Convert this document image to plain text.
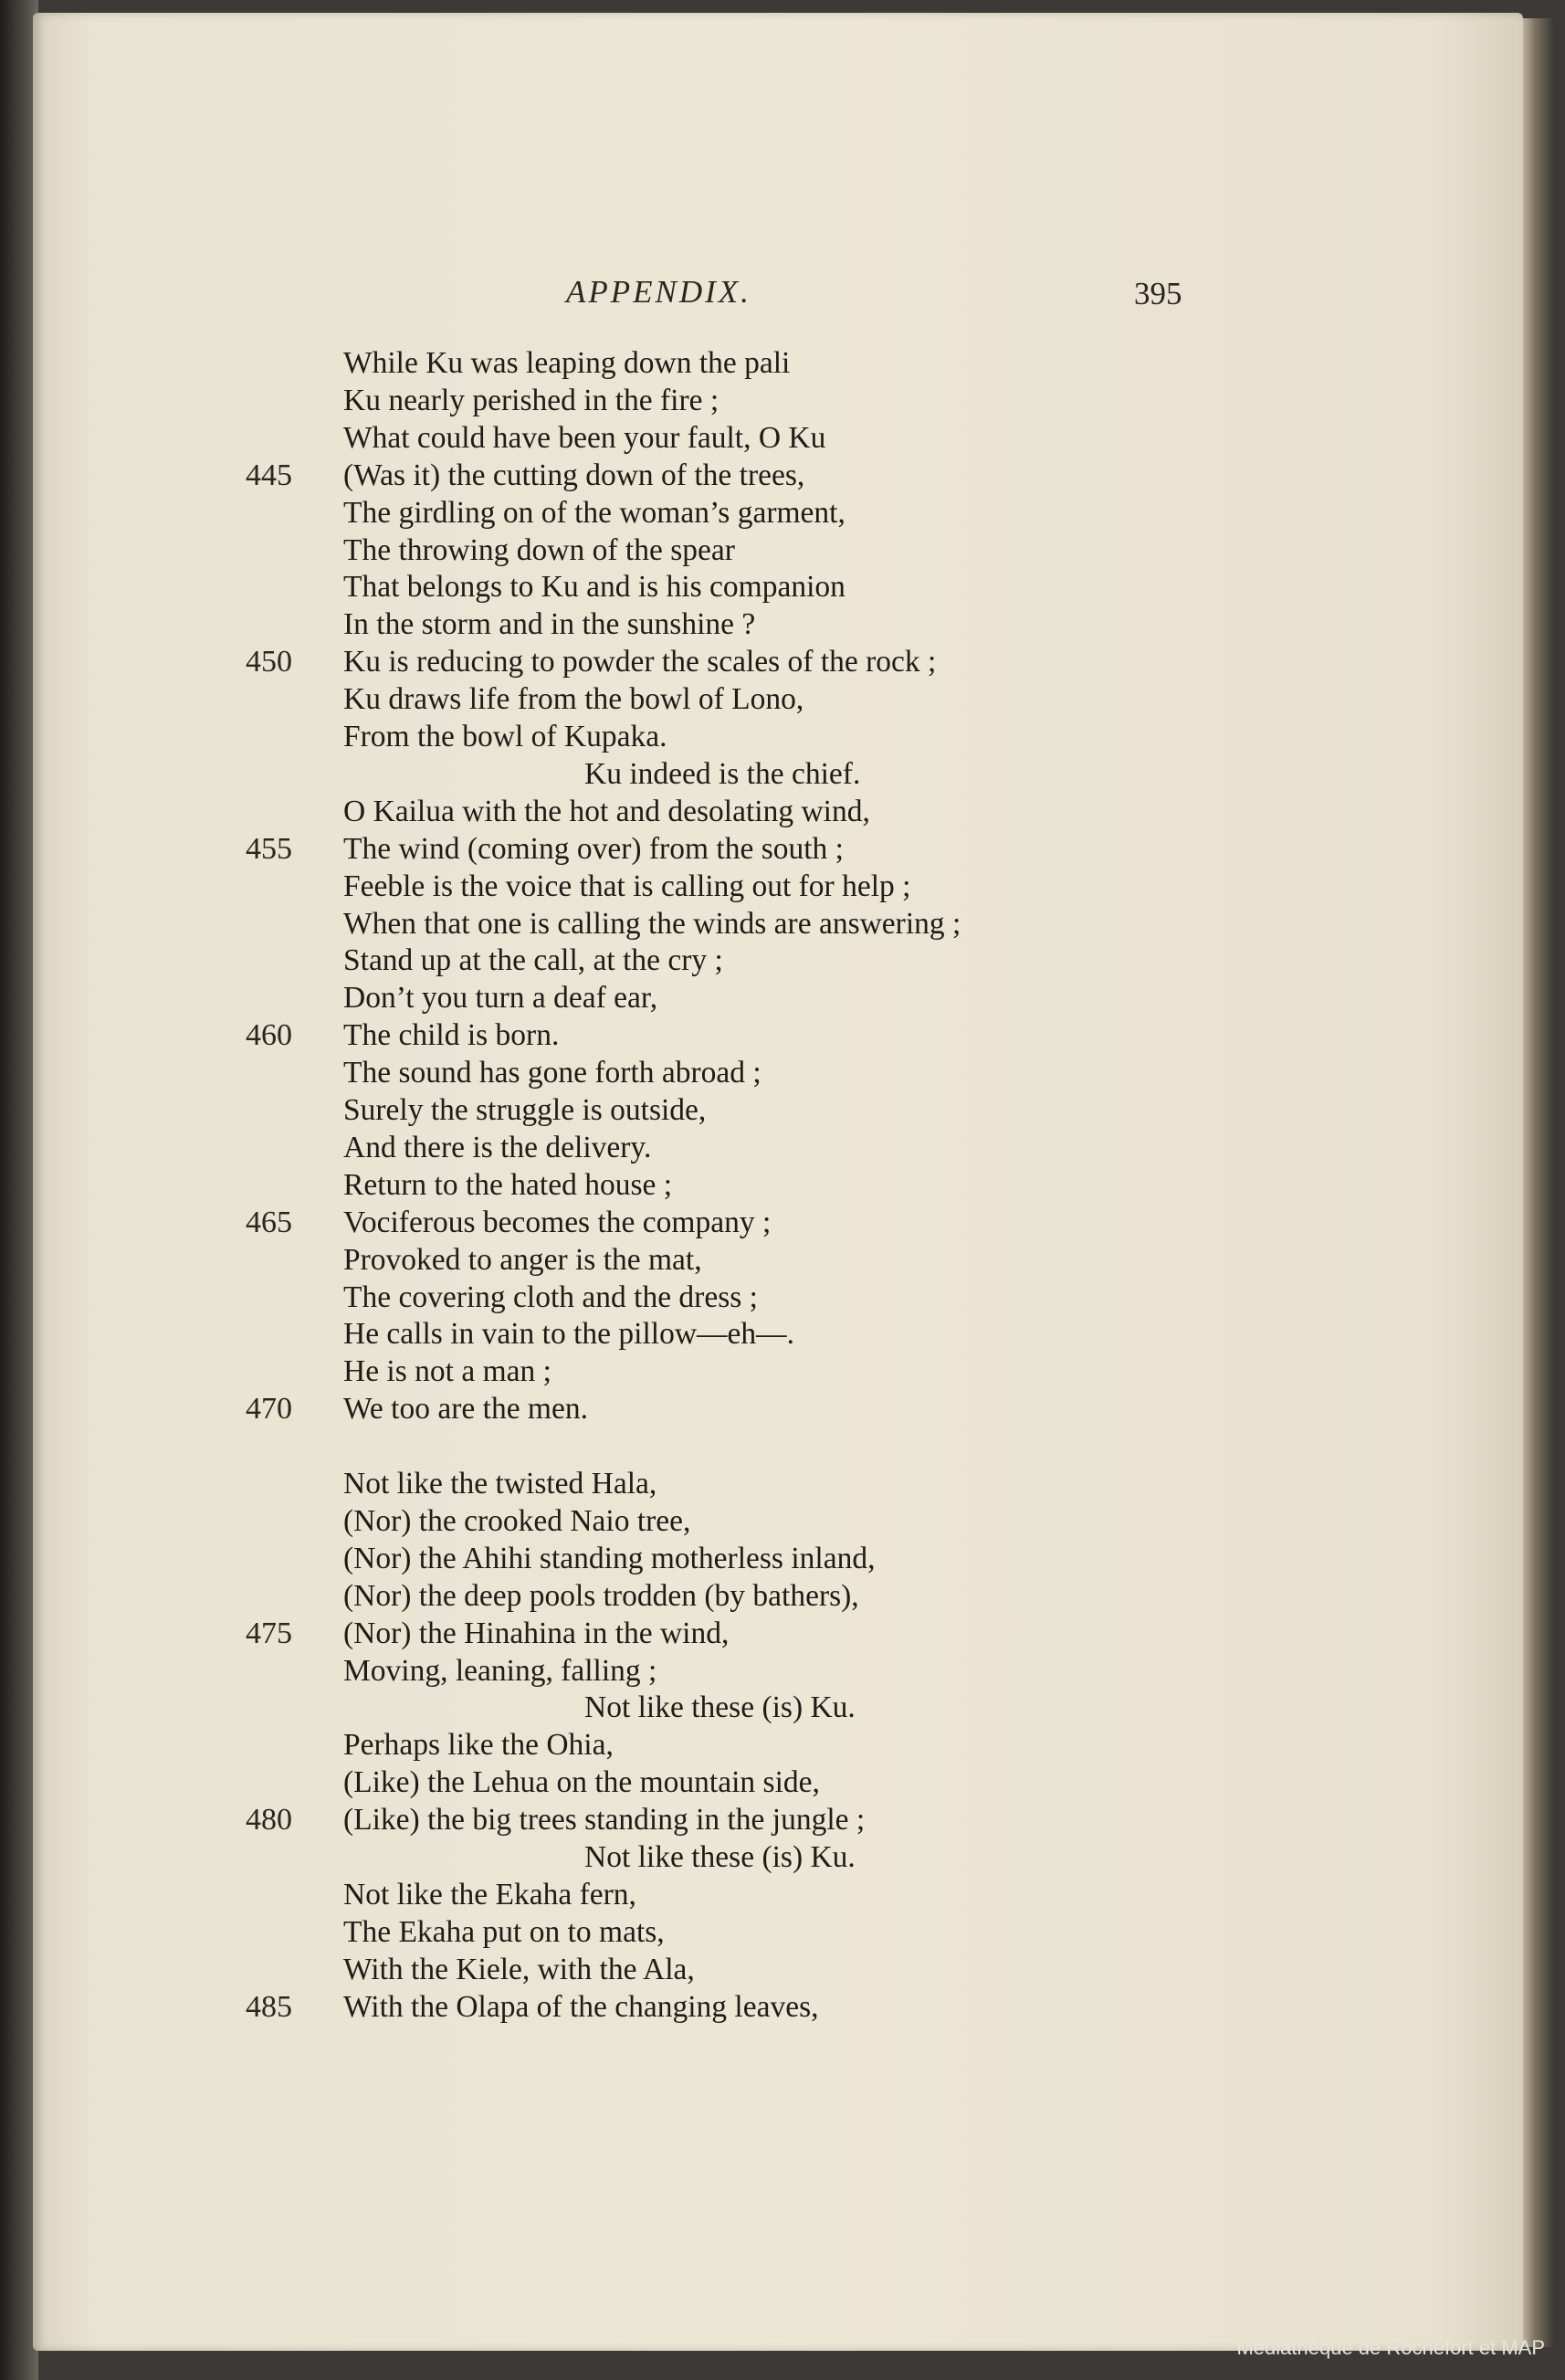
APPENDIX.	395
While Ku was leaping down the pali
Ku nearly perished in the fire ;
What could have been your fault, O Ku
445 (Was it) the cutting down of the trees,
The girdling on of the woman’s garment,
The throwing down of the spear
That belongs to Ku and is his companion
In the storm and in the sunshine ?
450 Ku is reducing to powder the scales of the rock ;
Ku draws life from the bowl of Lono,
From the bowl of Kupaka.
Ku indeed is the chief.
O Kailua with the hot and desolating wind,
455 The wind (coming over) from the south ;
Feeble is the voice that is calling out for help ;
When that one is calling the winds are answering ;
Stand up at the call, at the cry ;
Don’t you turn a deaf ear,
460 The child is born.
The sound has gone forth abroad ;
Surely the struggle is outside,
And there is the delivery.
Return to the hated house ;
465 Vociferous becomes the company ;
Provoked to anger is the mat,
The covering cloth and the dress ;
He calls in vain to the pillow—eh—.
He is not a man ;
470 We too are the men.
Not like the twisted Hala,
(Nor) the crooked Naio tree,
(Nor) the Ahihi standing motherless inland,
(Nor) the deep pools trodden (by bathers),
475 (Nor) the Hinahina in the wind,
Moving, leaning, falling ;
Not like these (is) Ku.
Perhaps like the Ohia,
(Like) the Lehua on the mountain side,
480 (Like) the big trees standing in the jungle ;
Not like these (is) Ku.
Not like the Ekaha fern,
The Ekaha put on to mats,
With the Kiele, with the Ala,
485 With the Olapa of the changing leaves,
Médiathèque de Rochefort et MAP
